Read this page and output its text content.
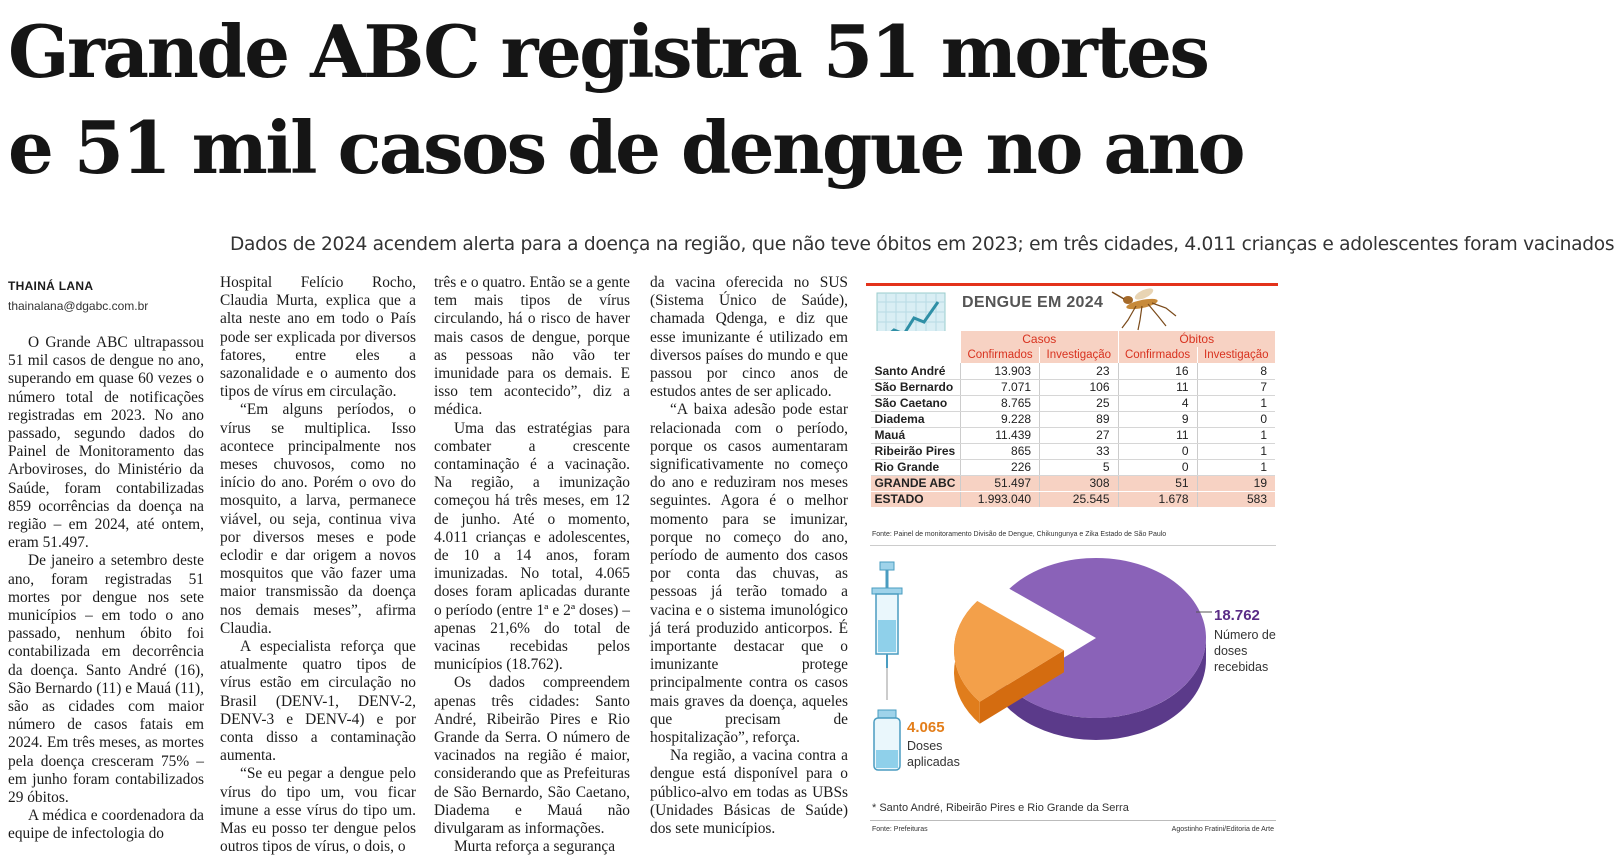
Grande ABC registra 51 mortes
e 51 mil casos de dengue no ano
Dados de 2024 acendem alerta para a doença na região, que não teve óbitos em 2023; em três cidades, 4.011 crianças e adolescentes foram vacinados
THAINÁ LANA
thainalana@dgabc.com.br

O Grande ABC ultrapassou 51 mil casos de dengue no ano, superando em quase 60 vezes o número total de notificações registradas em 2023. No ano passado, segundo dados do Painel de Monitoramento das Arboviroses, do Ministério da Saúde, foram contabilizadas 859 ocorrências da doença na região – em 2024, até ontem, eram 51.497.

De janeiro a setembro deste ano, foram registradas 51 mortes por dengue nos sete municípios – em todo o ano passado, nenhum óbito foi contabilizada em decorrência da doença. Santo André (16), São Bernardo (11) e Mauá (11), são as cidades com maior número de casos fatais em 2024. Em três meses, as mortes pela doença cresceram 75% – em junho foram contabilizados 29 óbitos.

A médica e coordenadora da equipe de infectologia do

Hospital Felício Rocho, Claudia Murta, explica que a alta neste ano em todo o País pode ser explicada por diversos fatores, entre eles a sazonalidade e o aumento dos tipos de vírus em circulação.

“Em alguns períodos, o vírus se multiplica. Isso acontece principalmente nos meses chuvosos, como no início do ano. Porém o ovo do mosquito, a larva, permanece viável, ou seja, continua viva por diversos meses e pode eclodir e dar origem a novos mosquitos que vão fazer uma maior transmissão da doença nos demais meses”, afirma Claudia.

A especialista reforça que atualmente quatro tipos de vírus estão em circulação no Brasil (DENV-1, DENV-2, DENV-3 e DENV-4) e por conta disso a contaminação aumenta.

“Se eu pegar a dengue pelo vírus do tipo um, vou ficar imune a esse vírus do tipo um. Mas eu posso ter dengue pelos outros tipos de vírus, o dois, o

três e o quatro. Então se a gente tem mais tipos de vírus circulando, há o risco de haver mais casos de dengue, porque as pessoas não vão ter imunidade para os demais. E isso tem acontecido”, diz a médica.

Uma das estratégias para combater a crescente contaminação é a vacinação. Na região, a imunização começou há três meses, em 12 de junho. Até o momento, 4.011 crianças e adolescentes, de 10 a 14 anos, foram imunizadas. No total, 4.065 doses foram aplicadas durante o período (entre 1ª e 2ª doses) – apenas 21,6% do total de vacinas recebidas pelos municípios (18.762).

Os dados compreendem apenas três cidades: Santo André, Ribeirão Pires e Rio Grande da Serra. O número de vacinados na região é maior, considerando que as Prefeituras de São Bernardo, São Caetano, Diadema e Mauá não divulgaram as informações.

Murta reforça a segurança

da vacina oferecida no SUS (Sistema Único de Saúde), chamada Qdenga, e diz que esse imunizante é utilizado em diversos países do mundo e que passou por cinco anos de estudos antes de ser aplicado.

“A baixa adesão pode estar relacionada com o período, porque os casos aumentaram significativamente no começo do ano e reduziram nos meses seguintes. Agora é o melhor momento para se imunizar, porque no começo do ano, período de aumento dos casos por conta das chuvas, as pessoas já terão tomado a vacina e o sistema imunológico já terá produzido anticorpos. É importante destacar que o imunizante protege principalmente contra os casos mais graves da doença, aqueles que precisam de hospitalização”, reforça.

Na região, a vacina contra a dengue está disponível para o público-alvo em todas as UBSs (Unidades Básicas de Saúde) dos sete municípios.

DENGUE EM 2024
	Casos		Óbitos	
	Confirmados	Investigação	Confirmados	Investigação
Santo André	13.903	23	16	8
São Bernardo	7.071	106	11	7
São Caetano	8.765	25	4	1
Diadema	9.228	89	9	0
Mauá	11.439	27	11	1
Ribeirão Pires	865	33	0	1
Rio Grande	226	5	0	1
GRANDE ABC	51.497	308	51	19
ESTADO	1.993.040	25.545	1.678	583
Fonte: Painel de monitoramento Divisão de Dengue, Chikungunya e Zika Estado de São Paulo
18.762
Número de doses recebidas
4.065
Doses aplicadas
* Santo André, Ribeirão Pires e Rio Grande da Serra
Fonte: Prefeituras	Agostinho Fratini/Editoria de Arte
